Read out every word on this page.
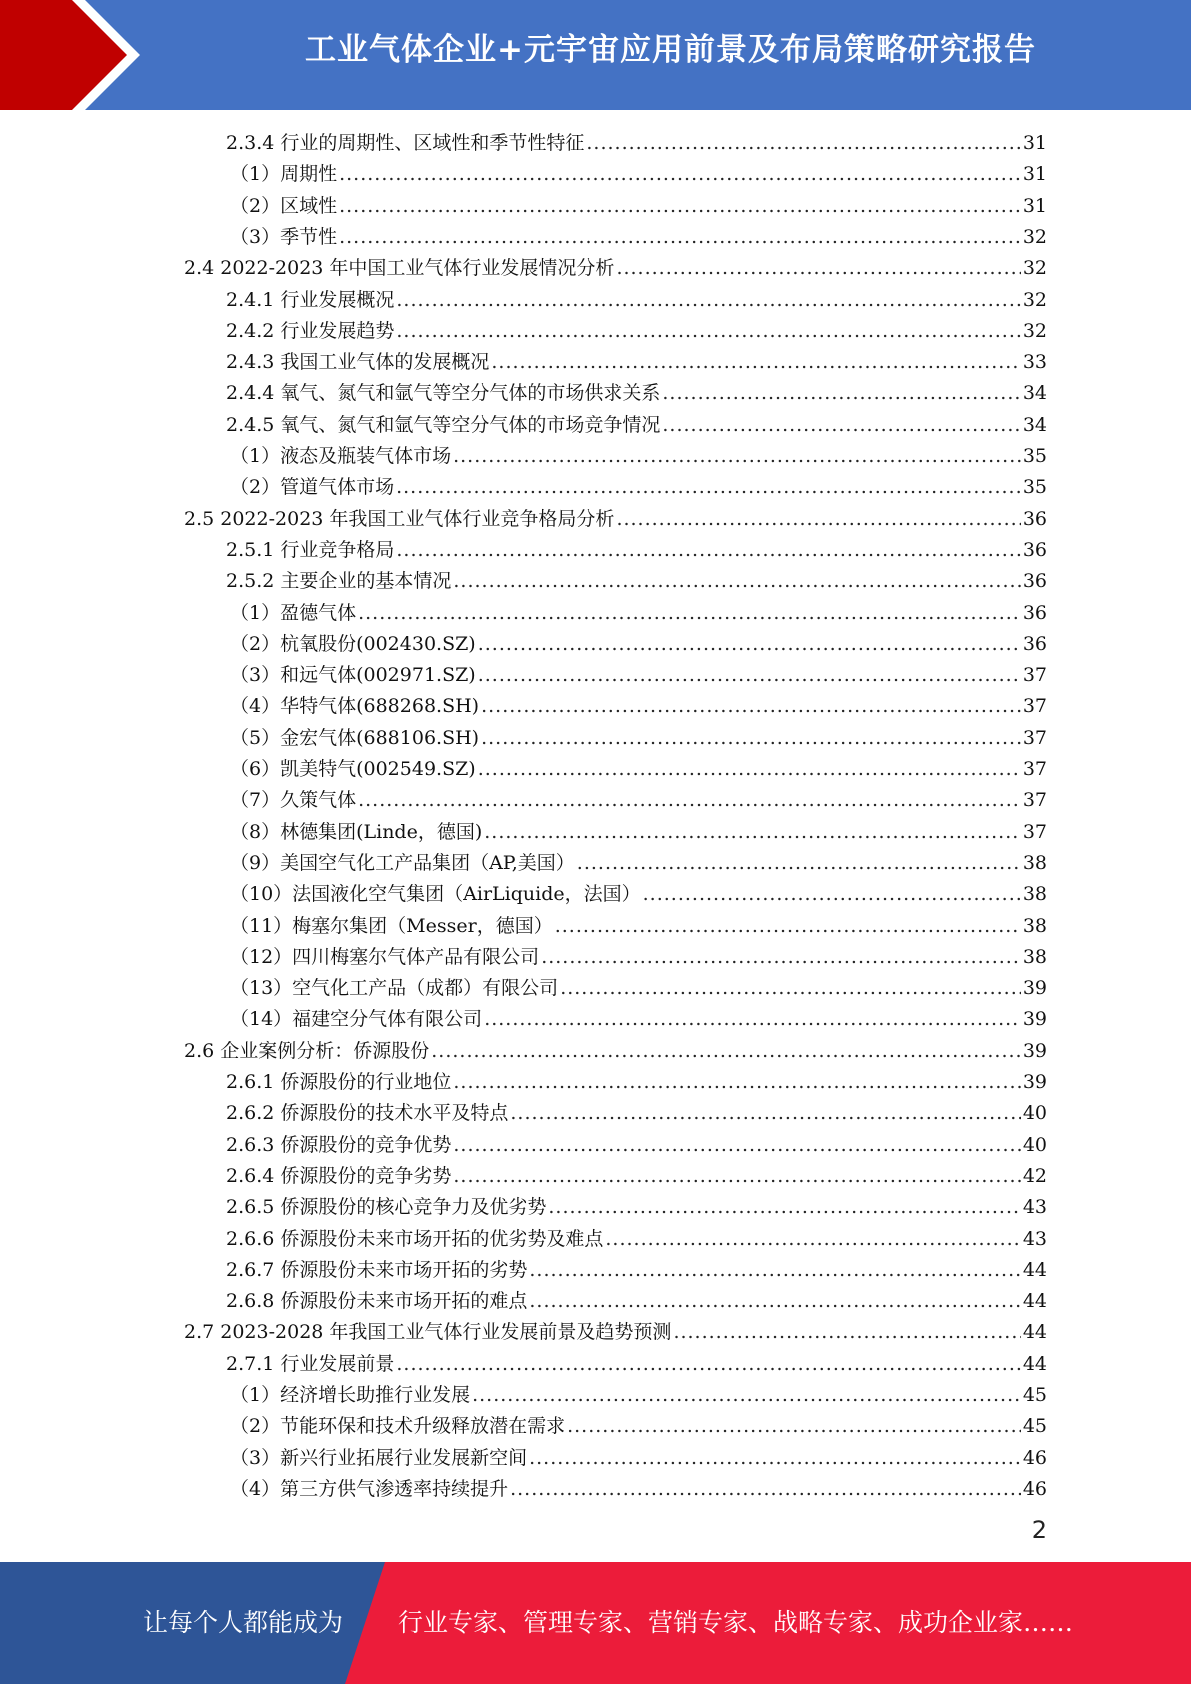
工业气体企业+元宇宙应用前景及布局策略研究报告
2.3.4 行业的周期性、区域性和季节性特征 .....	31
（1）周期性 .....	31
（2）区域性 .....	31
（3）季节性 .....	32
2.4 2022-2023 年中国工业气体行业发展情况分析 .....	32
2.4.1 行业发展概况 .....	32
2.4.2 行业发展趋势 .....	32
2.4.3 我国工业气体的发展概况 .....	33
2.4.4 氧气、氮气和氩气等空分气体的市场供求关系 .....	34
2.4.5 氧气、氮气和氩气等空分气体的市场竞争情况 .....	34
（1）液态及瓶装气体市场 .....	35
（2）管道气体市场 .....	35
2.5 2022-2023 年我国工业气体行业竞争格局分析 .....	36
2.5.1 行业竞争格局 .....	36
2.5.2 主要企业的基本情况 .....	36
（1）盈德气体 .....	36
（2）杭氧股份(002430.SZ) .....	36
（3）和远气体(002971.SZ) .....	37
（4）华特气体(688268.SH) .....	37
（5）金宏气体(688106.SH) .....	37
（6）凯美特气(002549.SZ) .....	37
（7）久策气体 .....	37
（8）林德集团(Linde，德国) .....	37
（9）美国空气化工产品集团（AP,美国） .....	38
（10）法国液化空气集团（AirLiquide，法国） .....	38
（11）梅塞尔集团（Messer，德国） .....	38
（12）四川梅塞尔气体产品有限公司 .....	38
（13）空气化工产品（成都）有限公司 .....	39
（14）福建空分气体有限公司 .....	39
2.6 企业案例分析：侨源股份 .....	39
2.6.1 侨源股份的行业地位 .....	39
2.6.2 侨源股份的技术水平及特点 .....	40
2.6.3 侨源股份的竞争优势 .....	40
2.6.4 侨源股份的竞争劣势 .....	42
2.6.5 侨源股份的核心竞争力及优劣势 .....	43
2.6.6 侨源股份未来市场开拓的优劣势及难点 .....	43
2.6.7 侨源股份未来市场开拓的劣势 .....	44
2.6.8 侨源股份未来市场开拓的难点 .....	44
2.7 2023-2028 年我国工业气体行业发展前景及趋势预测 .....	44
2.7.1 行业发展前景 .....	44
（1）经济增长助推行业发展 .....	45
（2）节能环保和技术升级释放潜在需求 .....	45
（3）新兴行业拓展行业发展新空间 .....	46
（4）第三方供气渗透率持续提升 .....	46
2
让每个人都能成为 行业专家、管理专家、营销专家、战略专家、成功企业家……
